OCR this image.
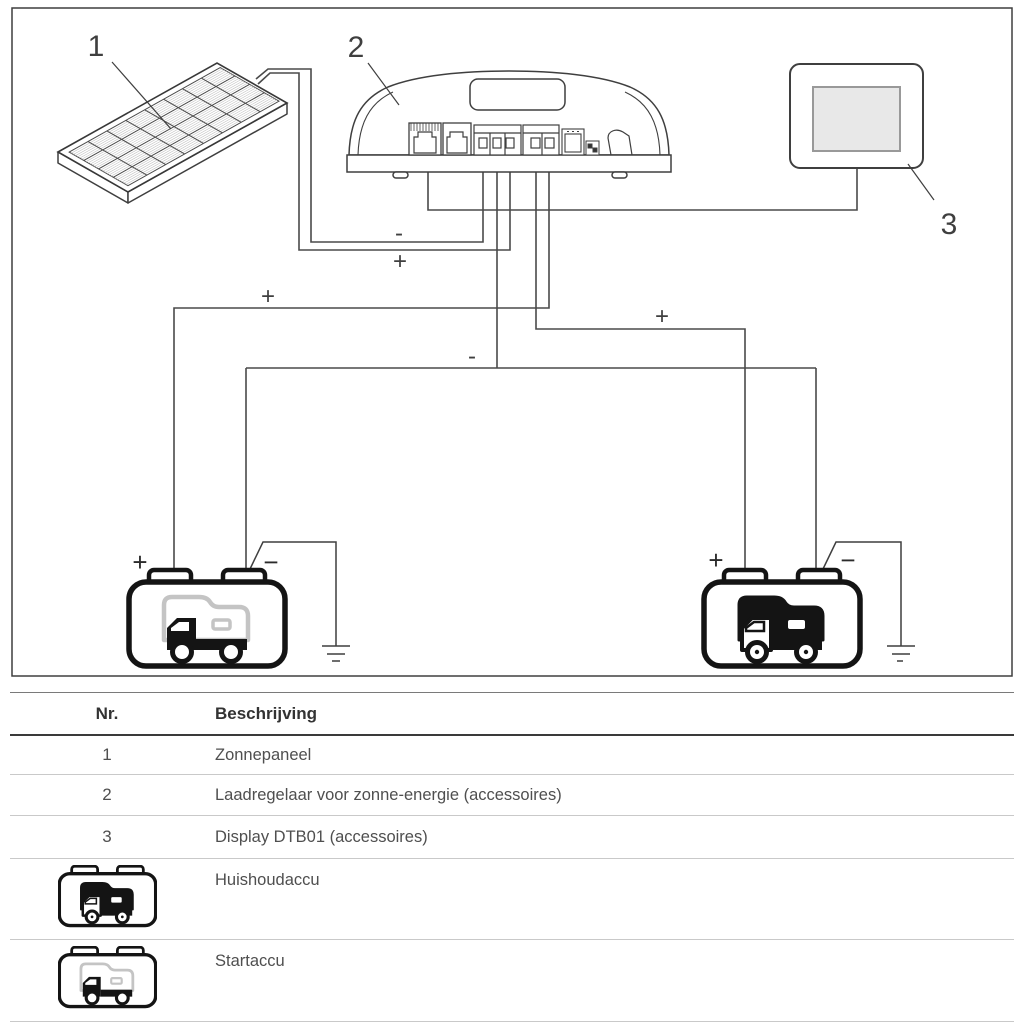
1	2
3
-
+
+
-
+
+	−	+	−
Nr.	Beschrijving
1	Zonnepaneel
2	Laadregelaar voor zonne-energie (accessoires)
3	Display DTB01 (accessoires)
Huishoudaccu
Startaccu
